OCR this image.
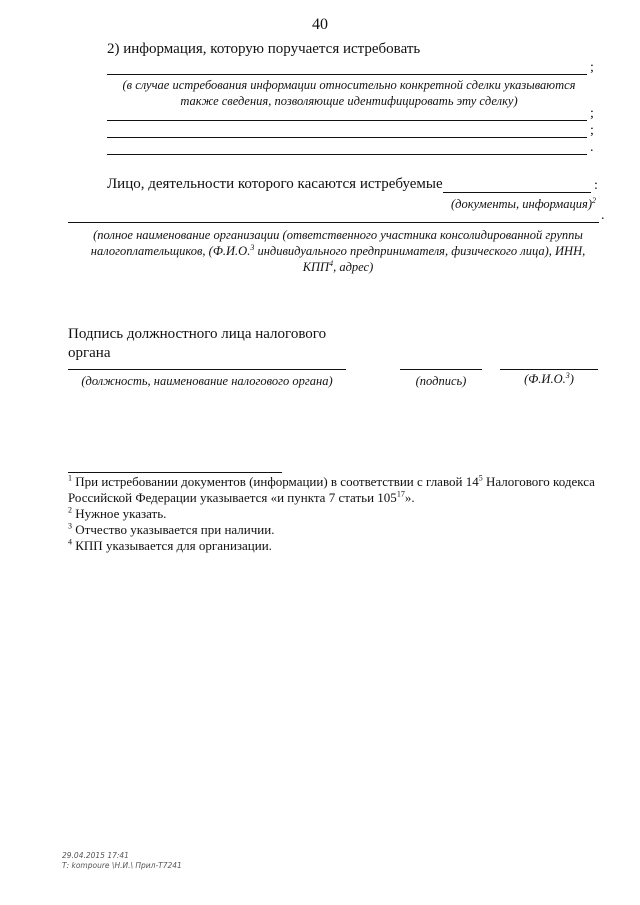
40
2) информация, которую поручается истребовать
;
(в случае истребования информации относительно конкретной сделки указываются
также сведения, позволяющие идентифицировать эту сделку)
;
;
.
Лицо, деятельности которого касаются истребуемые	:
(документы, информация)$^2$
.
(полное наименование организации (ответственного участника консолидированной группы
налогоплательщиков, (Ф.И.О.$^3$ индивидуального предпринимателя, физического лица), ИНН,
КПП$^4$, адрес)
Подпись должностного лица налогового
органа
(должность, наименование налогового органа)	(подпись)	(Ф.И.О.$^3$)
$^1$ При истребовании документов (информации) в соответствии с главой $14^5$ Налогового кодекса
Российской Федерации указывается «и пункта 7 статьи $105^{17}$».
$^2$ Нужное указать.
$^3$ Отчество указывается при наличии.
$^4$ КПП указывается для организации.
29.04.2015 17:41
Т: kompoure \Н.И.\ Прил-Т7241
